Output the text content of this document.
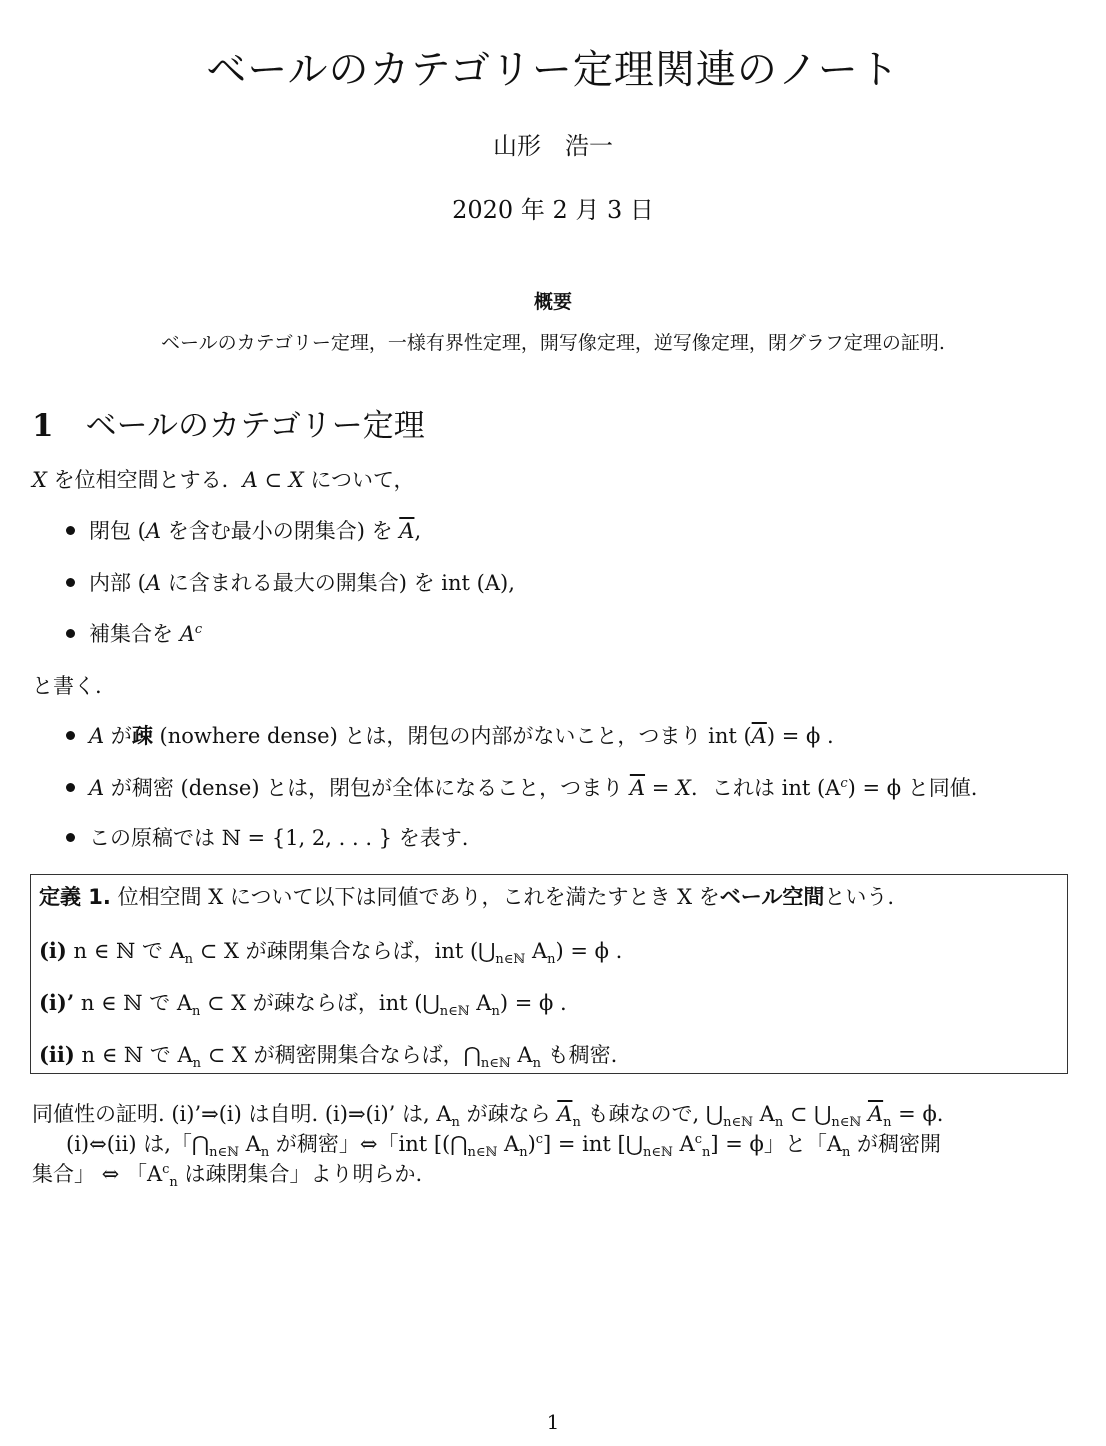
ベールのカテゴリー定理関連のノート
山形　浩一
2020 年 2 月 3 日
概要
ベールのカテゴリー定理，一様有界性定理，開写像定理，逆写像定理，閉グラフ定理の証明.
1 ベールのカテゴリー定理
X を位相空間とする．A ⊂ X について，
閉包 (A を含む最小の閉集合) を $\overline{A}$,
内部 (A に含まれる最大の開集合) を int (A),
補集合を $A^c$
と書く.
A が疎 (nowhere dense) とは，閉包の内部がないこと，つまり int $(\overline{A}) = \phi$ .
A が稠密 (dense) とは，閉包が全体になること，つまり $\overline{A} = X$．これは int $(A^c) = \phi$ と同値.
この原稿では ℕ = {1, 2, . . . } を表す.
定義 1. 位相空間 X について以下は同値であり，これを満たすとき X をベール空間という.
(i) n ∈ ℕ で $A_n$ ⊂ X が疎閉集合ならば，int ($⋃_{n\in ℕ}$ $A_n) = \phi$ .
(i)’ n ∈ ℕ で $A_n$ ⊂ X が疎ならば，int ($⋃_{n\in ℕ}$ $A_n) = \phi$ .
(ii) n ∈ ℕ で $A_n$ ⊂ X が稠密開集合ならば，$⋂_{n\in ℕ}$ $A_n$ も稠密.
同値性の証明. (i)’⇒(i) は自明. (i)⇒(i)’ は, $A_n$ が疎なら $\overline{A}_n$ も疎なので, $⋃_{n\in ℕ}$ $A_n$ ⊂ $⋃_{n\in ℕ}$ $\overline{A}_n = \phi$.
(i)⇔(ii) は,「$⋂_{n\in ℕ}$ $A_n$ が稠密」⇔「int [($⋂_{n\in ℕ}$ $A_n)^c$] = int [$⋃_{n\in ℕ}$ $A^c_n] = \phi$」と「$A_n$ が稠密開
集合」 ⇔ 「$A^c_n$ は疎閉集合」より明らか.
1
